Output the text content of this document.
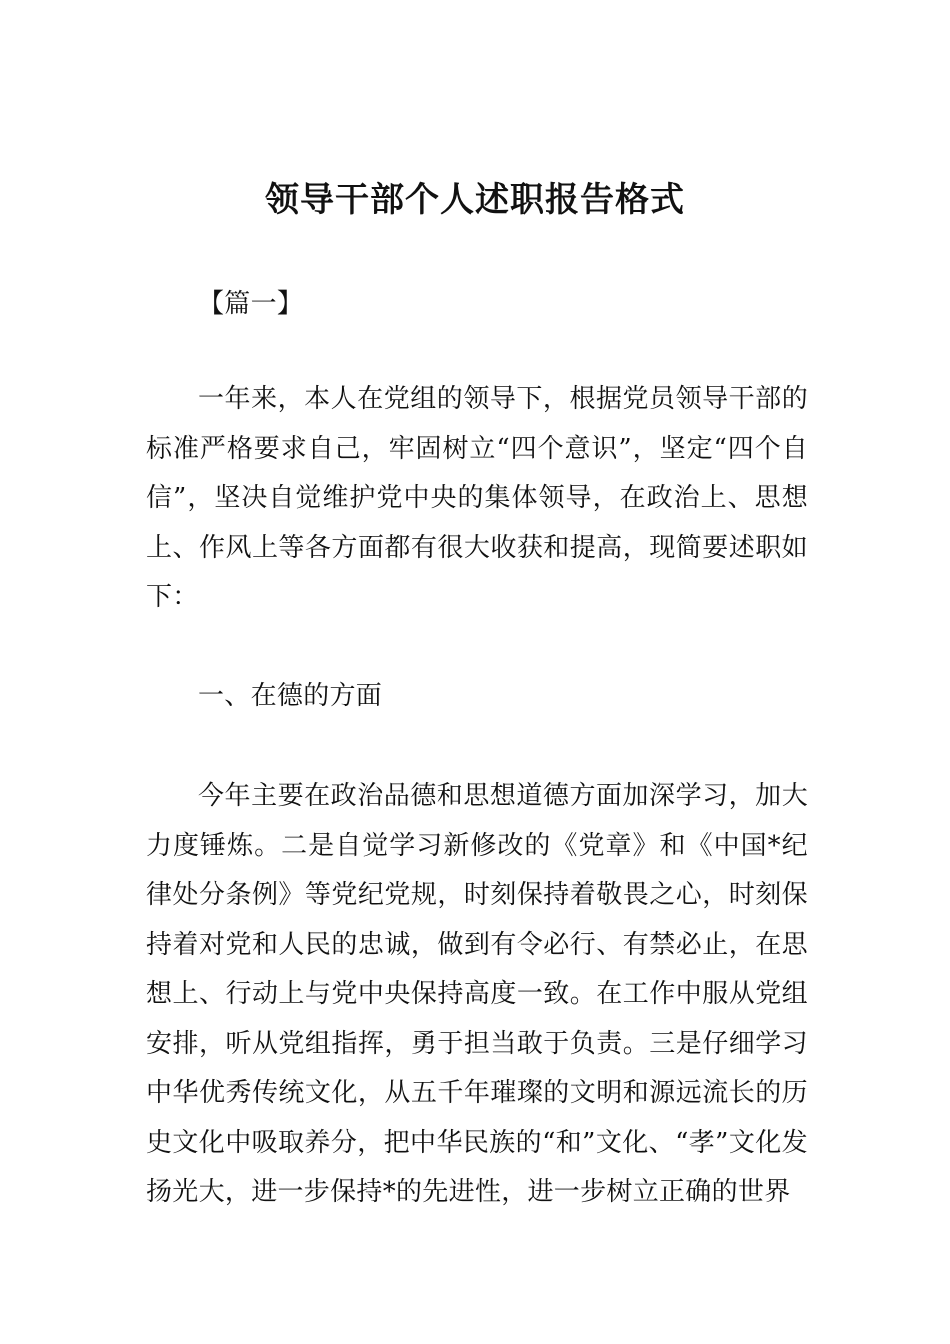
领导干部个人述职报告格式

【篇一】

一年来，本人在党组的领导下，根据党员领导干部的标准严格要求自己，牢固树立“四个意识”，坚定“四个自信”，坚决自觉维护党中央的集体领导，在政治上、思想上、作风上等各方面都有很大收获和提高，现简要述职如下：

一、在德的方面

今年主要在政治品德和思想道德方面加深学习，加大力度锤炼。二是自觉学习新修改的《党章》和《中国*纪律处分条例》等党纪党规，时刻保持着敬畏之心，时刻保持着对党和人民的忠诚，做到有令必行、有禁必止，在思想上、行动上与党中央保持高度一致。在工作中服从党组安排，听从党组指挥，勇于担当敢于负责。三是仔细学习中华优秀传统文化，从五千年璀璨的文明和源远流长的历史文化中吸取养分，把中华民族的“和”文化、“孝”文化发扬光大，进一步保持*的先进性，进一步树立正确的世界
